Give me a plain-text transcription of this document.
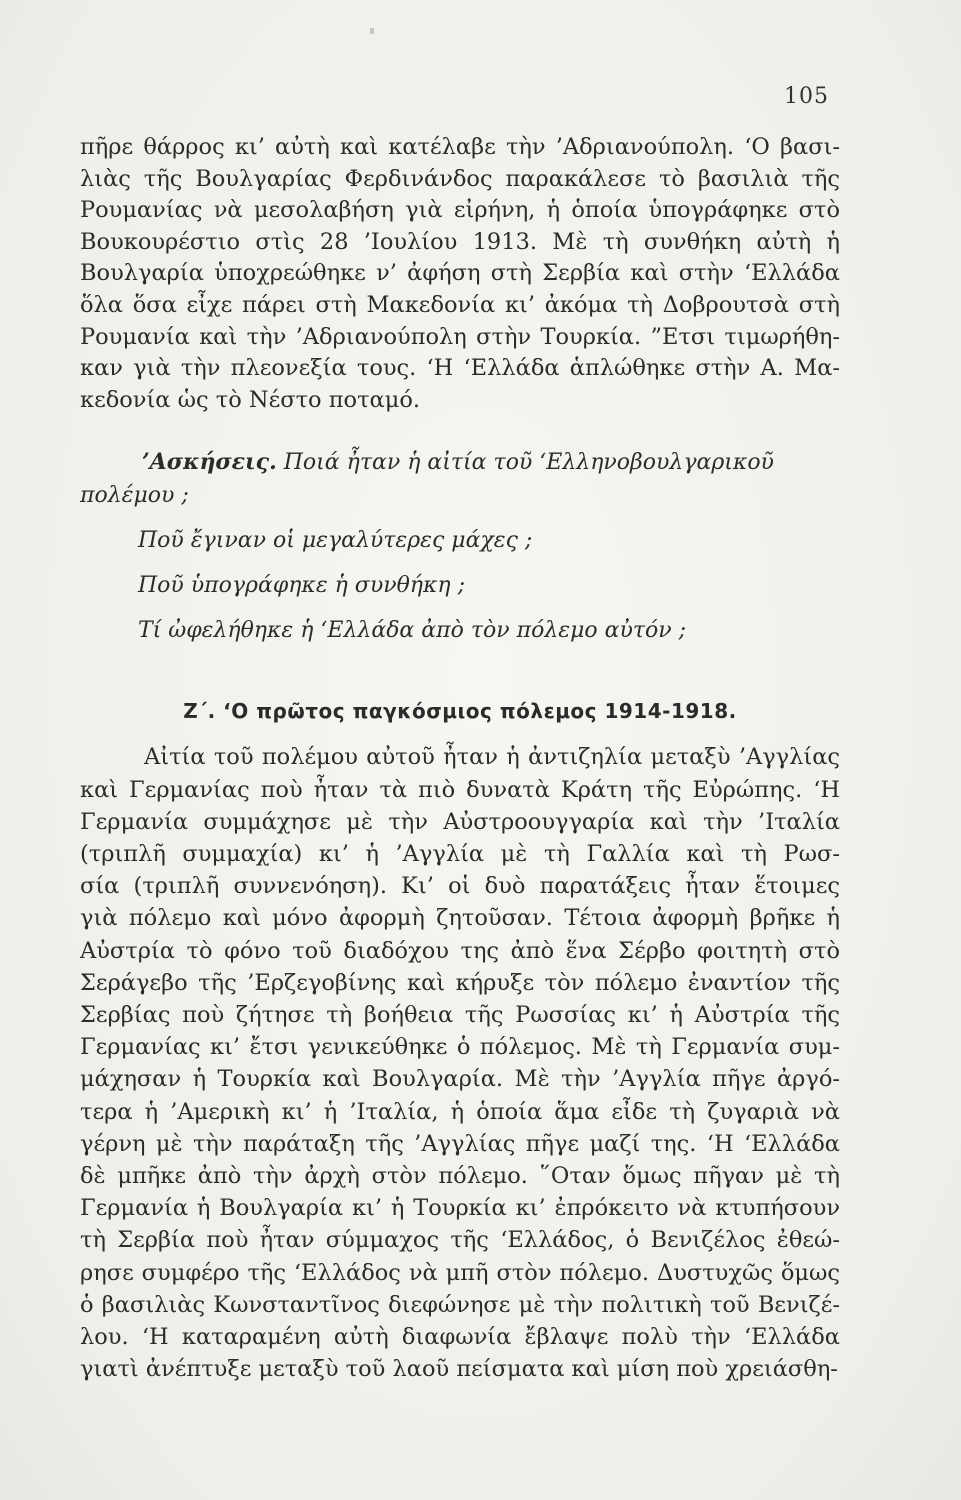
105

πῆρε θάρρος κι’ αὐτὴ καὶ κατέλαβε τὴν ’Αδριανούπολη. ‘Ο βασι-

λιὰς τῆς Βουλγαρίας Φερδινάνδος παρακάλεσε τὸ βασιλιὰ τῆς

Ρουμανίας νὰ μεσολαβήση γιὰ εἰρήνη, ἡ ὁποία ὑπογράφηκε στὸ

Βουκουρέστιο στὶς 28 ’Ιουλίου 1913. Μὲ τὴ συνθήκη αὐτὴ ἡ

Βουλγαρία ὑποχρεώθηκε ν’ ἀφήση στὴ Σερβία καὶ στὴν ‘Ελλάδα

ὅλα ὅσα εἶχε πάρει στὴ Μακεδονία κι’ ἀκόμα τὴ Δοβρουτσὰ στὴ

Ρουμανία καὶ τὴν ’Αδριανούπολη στὴν Τουρκία. ”Ετσι τιμωρήθη-

καν γιὰ τὴν πλεονεξία τους. ‘Η ‘Ελλάδα ἁπλώθηκε στὴν Α. Μα-

κεδονία ὡς τὸ Νέστο ποταμό.

’Ασκήσεις. Ποιά ἦταν ἡ αἰτία τοῦ ‘Ελληνοβουλγαρικοῦ

πολέμου ;

Ποῦ ἔγιναν οἱ μεγαλύτερες μάχες ;

Ποῦ ὑπογράφηκε ἡ συνθήκη ;

Τί ὠφελήθηκε ἡ ‘Ελλάδα ἀπὸ τὸν πόλεμο αὐτόν ;

Ζ΄. ‘Ο πρῶτος παγκόσμιος πόλεμος 1914-1918.

Αἰτία τοῦ πολέμου αὐτοῦ ἦταν ἡ ἀντιζηλία μεταξὺ ’Αγγλίας

καὶ Γερμανίας ποὺ ἦταν τὰ πιὸ δυνατὰ Κράτη τῆς Εὐρώπης. ‘Η

Γερμανία συμμάχησε μὲ τὴν Αὐστροουγγαρία καὶ τὴν ’Ιταλία

(τριπλῆ συμμαχία) κι’ ἡ ’Αγγλία μὲ τὴ Γαλλία καὶ τὴ Ρωσ-

σία (τριπλῆ συννενόηση). Κι’ οἱ δυὸ παρατάξεις ἦταν ἕτοιμες

γιὰ πόλεμο καὶ μόνο ἀφορμὴ ζητοῦσαν. Τέτοια ἀφορμὴ βρῆκε ἡ

Αὐστρία τὸ φόνο τοῦ διαδόχου της ἀπὸ ἕνα Σέρβο φοιτητὴ στὸ

Σεράγεβο τῆς ’Ερζεγοβίνης καὶ κήρυξε τὸν πόλεμο ἐναντίον τῆς

Σερβίας ποὺ ζήτησε τὴ βοήθεια τῆς Ρωσσίας κι’ ἡ Αὐστρία τῆς

Γερμανίας κι’ ἔτσι γενικεύθηκε ὁ πόλεμος. Μὲ τὴ Γερμανία συμ-

μάχησαν ἡ Τουρκία καὶ Βουλγαρία. Μὲ τὴν ’Αγγλία πῆγε ἀργό-

τερα ἡ ’Αμερικὴ κι’ ἡ ’Ιταλία, ἡ ὁποία ἅμα εἶδε τὴ ζυγαριὰ νὰ

γέρνη μὲ τὴν παράταξη τῆς ’Αγγλίας πῆγε μαζί της. ‘Η ‘Ελλάδα

δὲ μπῆκε ἀπὸ τὴν ἀρχὴ στὸν πόλεμο. ῞Οταν ὅμως πῆγαν μὲ τὴ

Γερμανία ἡ Βουλγαρία κι’ ἡ Τουρκία κι’ ἐπρόκειτο νὰ κτυπήσουν

τὴ Σερβία ποὺ ἦταν σύμμαχος τῆς ‘Ελλάδος, ὁ Βενιζέλος ἐθεώ-

ρησε συμφέρο τῆς ‘Ελλάδος νὰ μπῆ στὸν πόλεμο. Δυστυχῶς ὅμως

ὁ βασιλιὰς Κωνσταντῖνος διεφώνησε μὲ τὴν πολιτικὴ τοῦ Βενιζέ-

λου. ‘Η καταραμένη αὐτὴ διαφωνία ἔβλαψε πολὺ τὴν ‘Ελλάδα

γιατὶ ἀνέπτυξε μεταξὺ τοῦ λαοῦ πείσματα καὶ μίση ποὺ χρειάσθη-
